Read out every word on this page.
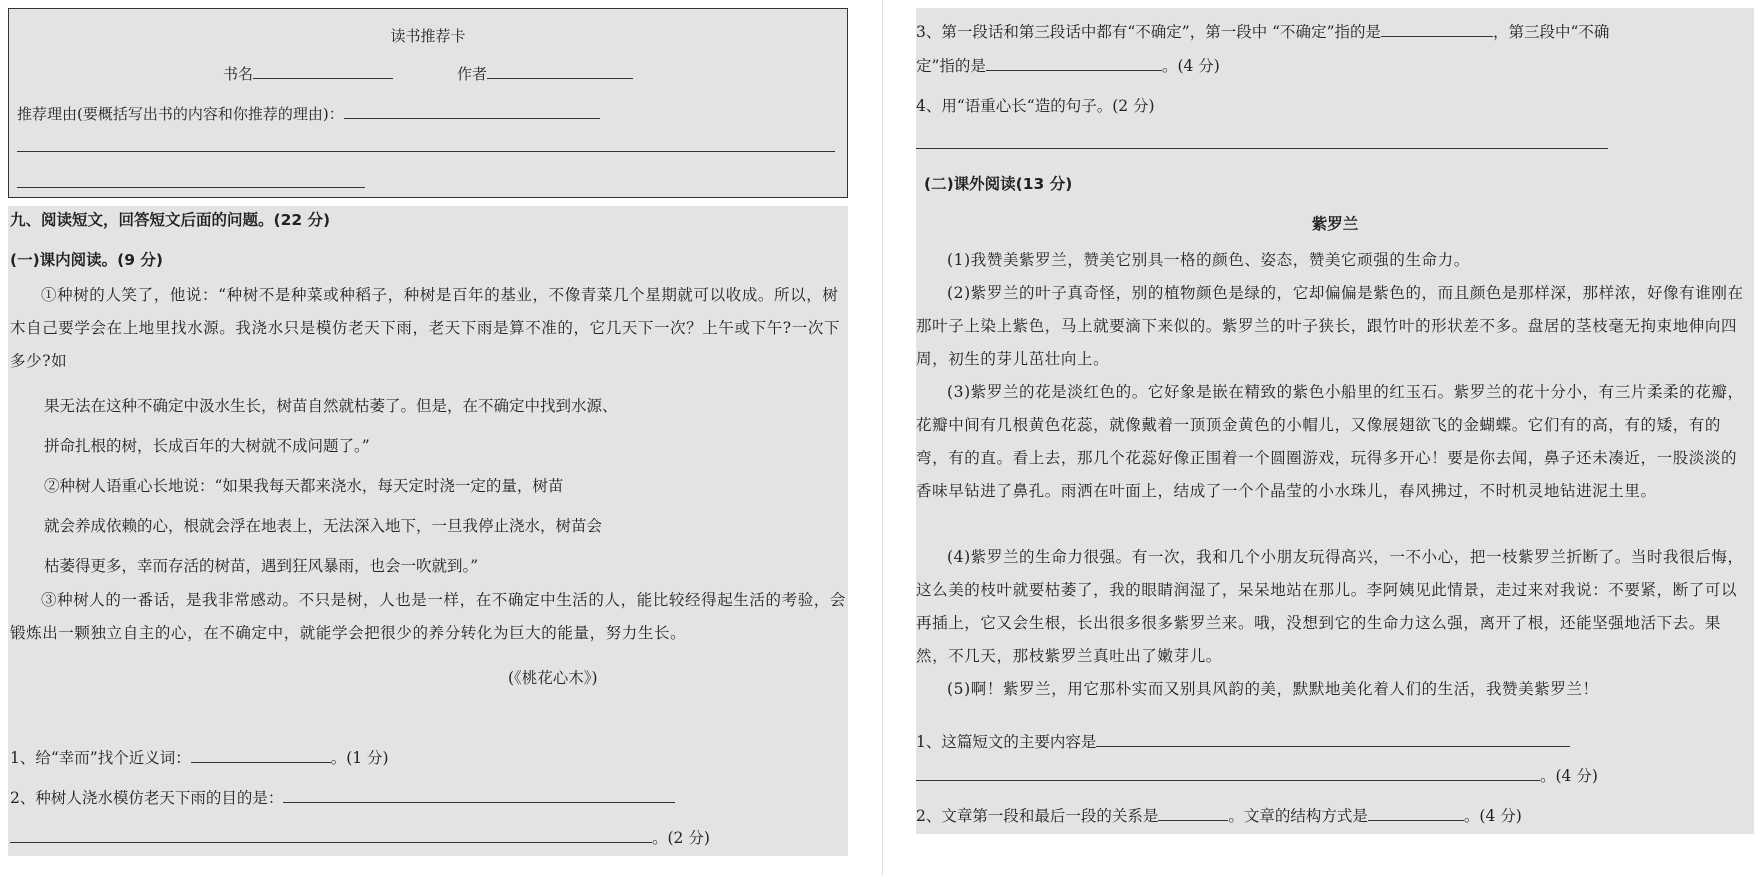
读书推荐卡
书名	作者
推荐理由(要概括写出书的内容和你推荐的理由)：
九、阅读短文，回答短文后面的问题。(22 分)
(一)课内阅读。(9 分)
①种树的人笑了，他说：“种树不是种菜或种稻子，种树是百年的基业，不像青菜几个星期就可以收成。所以，树木自己要学会在上地里找水源。我浇水只是模仿老天下雨，老天下雨是算不准的，它几天下一次？上午或下午?一次下多少?如
果无法在这种不确定中汲水生长，树苗自然就枯萎了。但是，在不确定中找到水源、
拼命扎根的树，长成百年的大树就不成问题了。”
②种树人语重心长地说：“如果我每天都来浇水，每天定时浇一定的量，树苗
就会养成依赖的心，根就会浮在地表上，无法深入地下，一旦我停止浇水，树苗会
枯萎得更多，幸而存活的树苗，遇到狂风暴雨，也会一吹就到。”
③种树人的一番话，是我非常感动。不只是树，人也是一样，在不确定中生活的人，能比较经得起生活的考验，会锻炼出一颗独立自主的心，在不确定中，就能学会把很少的养分转化为巨大的能量，努力生长。
(《桃花心木》)
1、给“幸而”找个近义词：	。(1 分)
2、种树人浇水模仿老天下雨的目的是：
。(2 分)
3、第一段话和第三段话中都有“不确定”，第一段中 “不确定”指的是	，第三段中“不确
定”指的是	。(4 分)
4、用“语重心长“造的句子。(2 分)
(二)课外阅读(13 分)
紫罗兰
(1)我赞美紫罗兰，赞美它别具一格的颜色、姿态，赞美它顽强的生命力。
(2)紫罗兰的叶子真奇怪，别的植物颜色是绿的，它却偏偏是紫色的，而且颜色是那样深，那样浓，好像有谁刚在那叶子上染上紫色，马上就要滴下来似的。紫罗兰的叶子狭长，跟竹叶的形状差不多。盘居的茎枝毫无拘束地伸向四周，初生的芽儿茁壮向上。
(3)紫罗兰的花是淡红色的。它好象是嵌在精致的紫色小船里的红玉石。紫罗兰的花十分小，有三片柔柔的花瓣，花瓣中间有几根黄色花蕊，就像戴着一顶顶金黄色的小帽儿，又像展翅欲飞的金蝴蝶。它们有的高，有的矮，有的弯，有的直。看上去，那几个花蕊好像正围着一个圆圈游戏，玩得多开心！要是你去闻，鼻子还未凑近，一股淡淡的香味早钻进了鼻孔。雨洒在叶面上，结成了一个个晶莹的小水珠儿，春风拂过，不时机灵地钻进泥土里。
(4)紫罗兰的生命力很强。有一次，我和几个小朋友玩得高兴，一不小心，把一枝紫罗兰折断了。当时我很后悔，这么美的枝叶就要枯萎了，我的眼睛润湿了，呆呆地站在那儿。李阿姨见此情景，走过来对我说：不要紧，断了可以再插上，它又会生根，长出很多很多紫罗兰来。哦，没想到它的生命力这么强，离开了根，还能坚强地活下去。果然，不几天，那枝紫罗兰真吐出了嫩芽儿。
(5)啊！紫罗兰，用它那朴实而又别具风韵的美，默默地美化着人们的生活，我赞美紫罗兰！
1、这篇短文的主要内容是
。(4 分)
2、文章第一段和最后一段的关系是	。文章的结构方式是	。(4 分)
